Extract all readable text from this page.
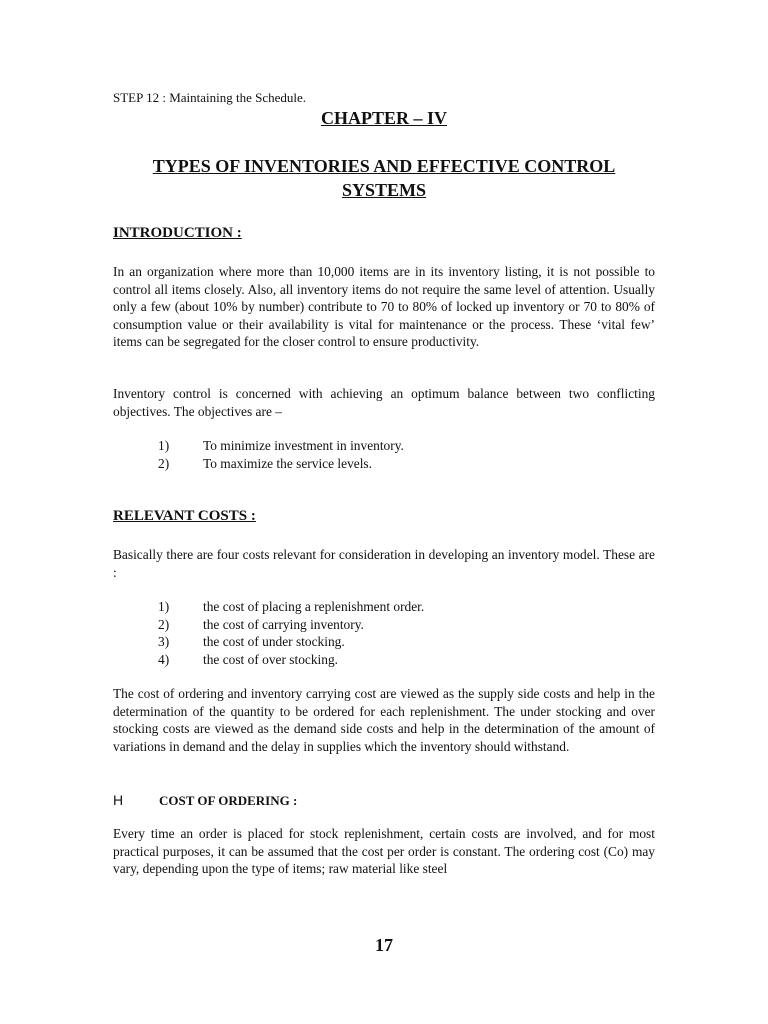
STEP 12 : Maintaining the Schedule.
CHAPTER – IV
TYPES OF INVENTORIES AND EFFECTIVE CONTROL
SYSTEMS
INTRODUCTION :

In an organization where more than 10,000 items are in its inventory listing, it is not possible to control all items closely. Also, all inventory items do not require the same level of attention. Usually only a few (about 10% by number) contribute to 70 to 80% of locked up inventory or 70 to 80% of consumption value or their availability is vital for maintenance or the process. These ‘vital few’ items can be segregated for the closer control to ensure productivity.

Inventory control is concerned with achieving an optimum balance between two conflicting objectives. The objectives are –

1)	To minimize investment in inventory.
2)	To maximize the service levels.
RELEVANT COSTS :

Basically there are four costs relevant for consideration in developing an inventory model. These are :

1)	the cost of placing a replenishment order.
2)	the cost of carrying inventory.
3)	the cost of under stocking.
4)	the cost of over stocking.

The cost of ordering and inventory carrying cost are viewed as the supply side costs and help in the determination of the quantity to be ordered for each replenishment. The under stocking and over stocking costs are viewed as the demand side costs and help in the determination of the amount of variations in demand and the delay in supplies which the inventory should withstand.

H	COST OF ORDERING :

Every time an order is placed for stock replenishment, certain costs are involved, and for most practical purposes, it can be assumed that the cost per order is constant. The ordering cost (Co) may vary, depending upon the type of items; raw material like steel

17
